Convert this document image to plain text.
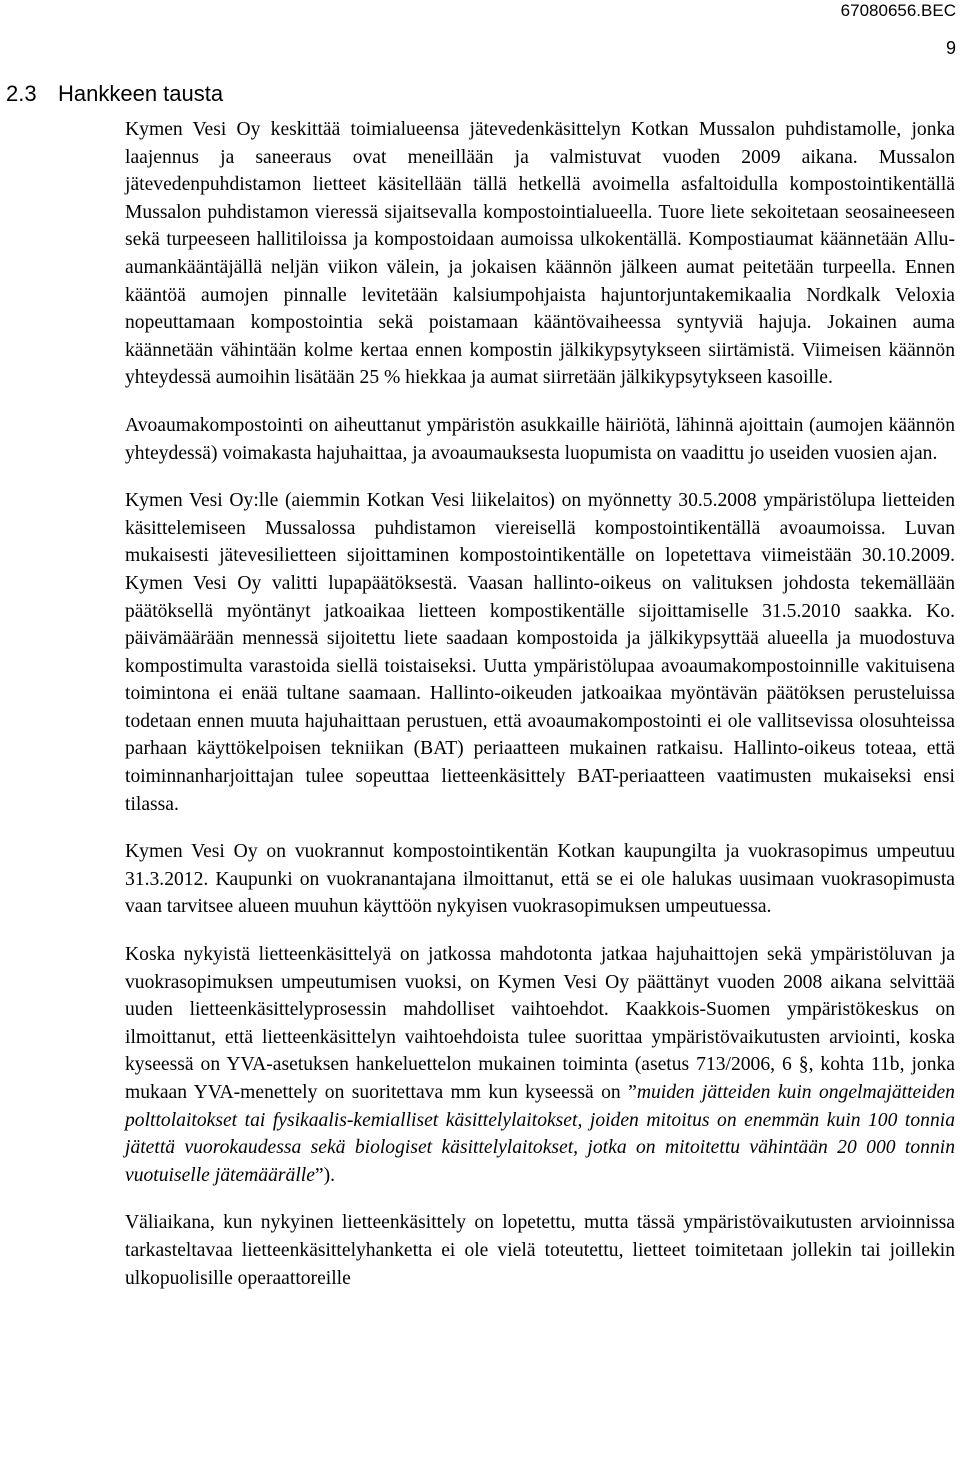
67080656.BEC
9
2.3 Hankkeen tausta

Kymen Vesi Oy keskittää toimialueensa jätevedenkäsittelyn Kotkan Mussalon puhdistamolle, jonka laajennus ja saneeraus ovat meneillään ja valmistuvat vuoden 2009 aikana. Mussalon jätevedenpuhdistamon lietteet käsitellään tällä hetkellä avoimella asfaltoidulla kompostointikentällä Mussalon puhdistamon vieressä sijaitsevalla kompostointialueella. Tuore liete sekoitetaan seosaineeseen sekä turpeeseen hallitiloissa ja kompostoidaan aumoissa ulkokentällä. Kompostiaumat käännetään Allu-aumankääntäjällä neljän viikon välein, ja jokaisen käännön jälkeen aumat peitetään turpeella. Ennen kääntöä aumojen pinnalle levitetään kalsiumpohjaista hajuntorjuntakemikaalia Nordkalk Veloxia nopeuttamaan kompostointia sekä poistamaan kääntövaiheessa syntyviä hajuja. Jokainen auma käännetään vähintään kolme kertaa ennen kompostin jälkikypsytykseen siirtämistä. Viimeisen käännön yhteydessä aumoihin lisätään 25 % hiekkaa ja aumat siirretään jälkikypsytykseen kasoille.

Avoaumakompostointi on aiheuttanut ympäristön asukkaille häiriötä, lähinnä ajoittain (aumojen käännön yhteydessä) voimakasta hajuhaittaa, ja avoaumauksesta luopumista on vaadittu jo useiden vuosien ajan.

Kymen Vesi Oy:lle (aiemmin Kotkan Vesi liikelaitos) on myönnetty 30.5.2008 ympäristölupa lietteiden käsittelemiseen Mussalossa puhdistamon viereisellä kompostointikentällä avoaumoissa. Luvan mukaisesti jätevesilietteen sijoittaminen kompostointikentälle on lopetettava viimeistään 30.10.2009. Kymen Vesi Oy valitti lupapäätöksestä. Vaasan hallinto-oikeus on valituksen johdosta tekemällään päätöksellä myöntänyt jatkoaikaa lietteen kompostikentälle sijoittamiselle 31.5.2010 saakka. Ko. päivämäärään mennessä sijoitettu liete saadaan kompostoida ja jälkikypsyttää alueella ja muodostuva kompostimulta varastoida siellä toistaiseksi. Uutta ympäristölupaa avoaumakompostoinnille vakituisena toimintona ei enää tultane saamaan. Hallinto-oikeuden jatkoaikaa myöntävän päätöksen perusteluissa todetaan ennen muuta hajuhaittaan perustuen, että avoaumakompostointi ei ole vallitsevissa olosuhteissa parhaan käyttökelpoisen tekniikan (BAT) periaatteen mukainen ratkaisu. Hallinto-oikeus toteaa, että toiminnanharjoittajan tulee sopeuttaa lietteenkäsittely BAT-periaatteen vaatimusten mukaiseksi ensi tilassa.

Kymen Vesi Oy on vuokrannut kompostointikentän Kotkan kaupungilta ja vuokrasopimus umpeutuu 31.3.2012. Kaupunki on vuokranantajana ilmoittanut, että se ei ole halukas uusimaan vuokrasopimusta vaan tarvitsee alueen muuhun käyttöön nykyisen vuokrasopimuksen umpeutuessa.

Koska nykyistä lietteenkäsittelyä on jatkossa mahdotonta jatkaa hajuhaittojen sekä ympäristöluvan ja vuokrasopimuksen umpeutumisen vuoksi, on Kymen Vesi Oy päättänyt vuoden 2008 aikana selvittää uuden lietteenkäsittelyprosessin mahdolliset vaihtoehdot. Kaakkois-Suomen ympäristökeskus on ilmoittanut, että lietteenkäsittelyn vaihtoehdoista tulee suorittaa ympäristövaikutusten arviointi, koska kyseessä on YVA-asetuksen hankeluettelon mukainen toiminta (asetus 713/2006, 6 §, kohta 11b, jonka mukaan YVA-menettely on suoritettava mm kun kyseessä on ”muiden jätteiden kuin ongelmajätteiden polttolaitokset tai fysikaalis-kemialliset käsittelylaitokset, joiden mitoitus on enemmän kuin 100 tonnia jätettä vuorokaudessa sekä biologiset käsittelylaitokset, jotka on mitoitettu vähintään 20 000 tonnin vuotuiselle jätemäärälle”).

Väliaikana, kun nykyinen lietteenkäsittely on lopetettu, mutta tässä ympäristövaikutusten arvioinnissa tarkasteltavaa lietteenkäsittelyhanketta ei ole vielä toteutettu, lietteet toimitetaan jollekin tai joillekin ulkopuolisille operaattoreille
